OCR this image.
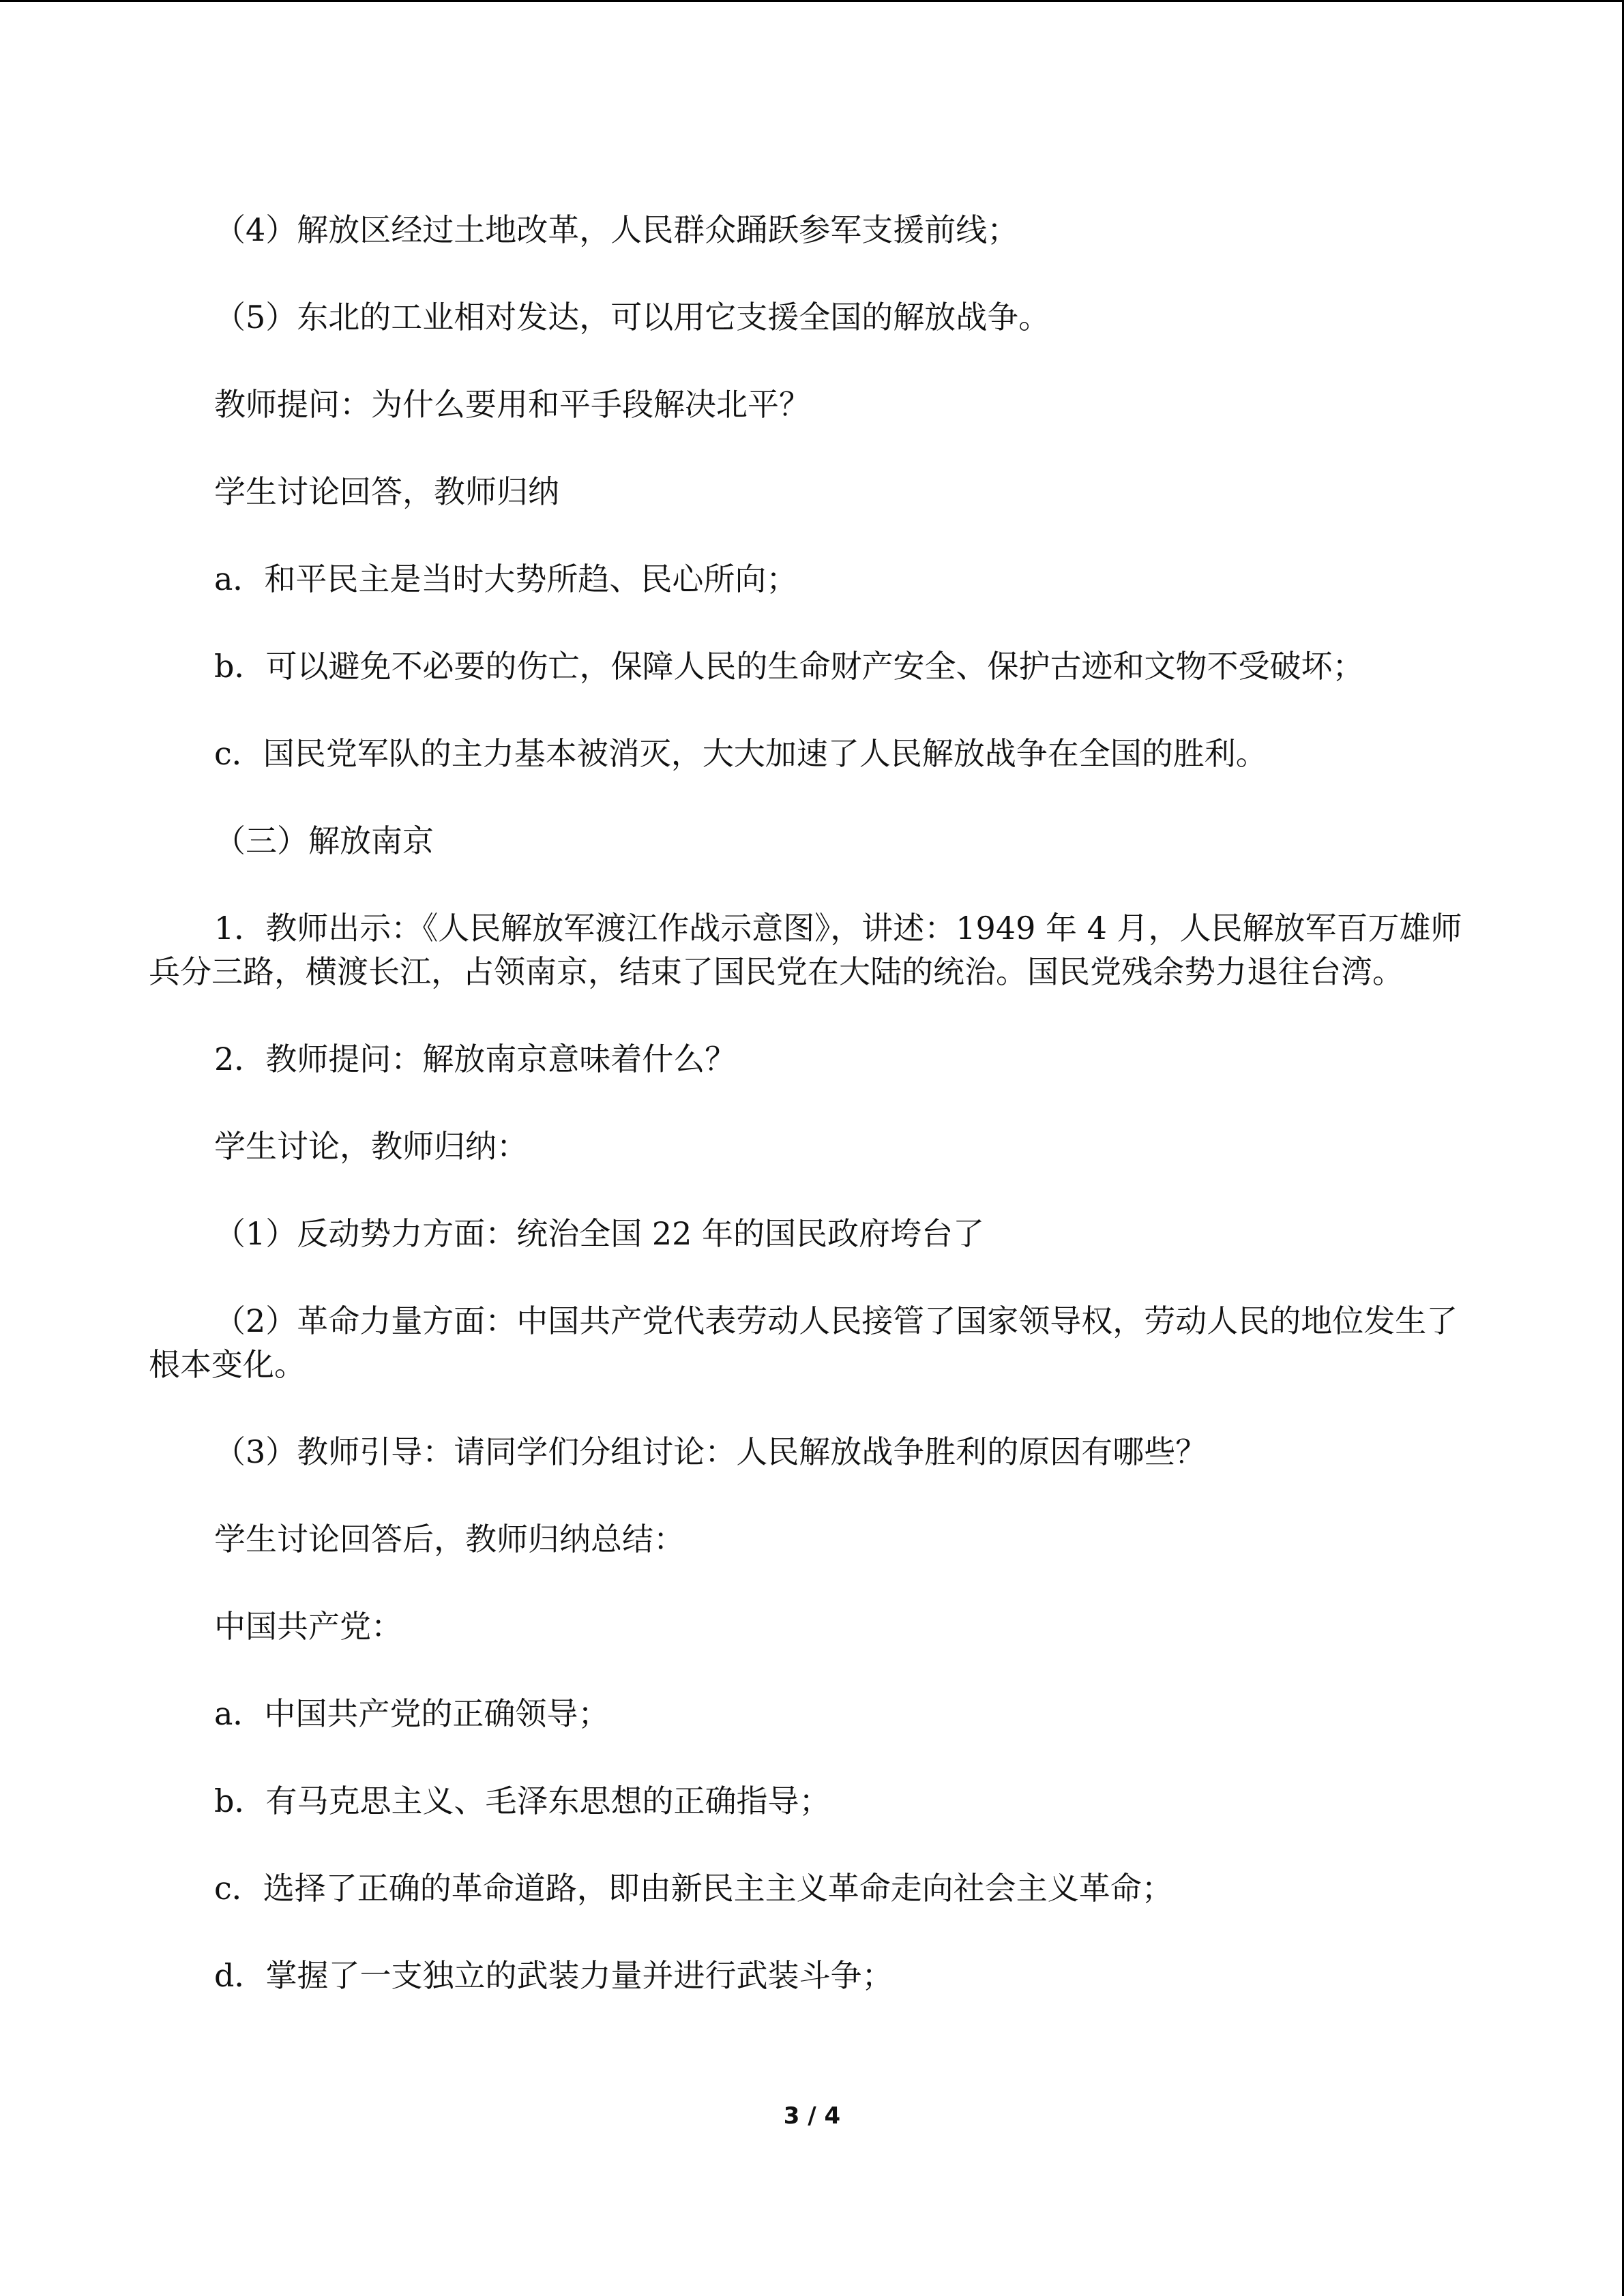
（4）解放区经过土地改革，人民群众踊跃参军支援前线；

（5）东北的工业相对发达，可以用它支援全国的解放战争。

教师提问：为什么要用和平手段解决北平？

学生讨论回答，教师归纳

a．和平民主是当时大势所趋、民心所向；

b．可以避免不必要的伤亡，保障人民的生命财产安全、保护古迹和文物不受破坏；

c．国民党军队的主力基本被消灭，大大加速了人民解放战争在全国的胜利。

（三）解放南京

1．教师出示：《人民解放军渡江作战示意图》，讲述：1949 年 4 月，人民解放军百万雄师兵分三路，横渡长江，占领南京，结束了国民党在大陆的统治。国民党残余势力退往台湾。

2．教师提问：解放南京意味着什么？

学生讨论，教师归纳：

（1）反动势力方面：统治全国 22 年的国民政府垮台了

（2）革命力量方面：中国共产党代表劳动人民接管了国家领导权，劳动人民的地位发生了根本变化。

（3）教师引导：请同学们分组讨论：人民解放战争胜利的原因有哪些？

学生讨论回答后，教师归纳总结：

中国共产党：

a．中国共产党的正确领导；

b．有马克思主义、毛泽东思想的正确指导；

c．选择了正确的革命道路，即由新民主主义革命走向社会主义革命；

d．掌握了一支独立的武装力量并进行武装斗争；

3 / 4
